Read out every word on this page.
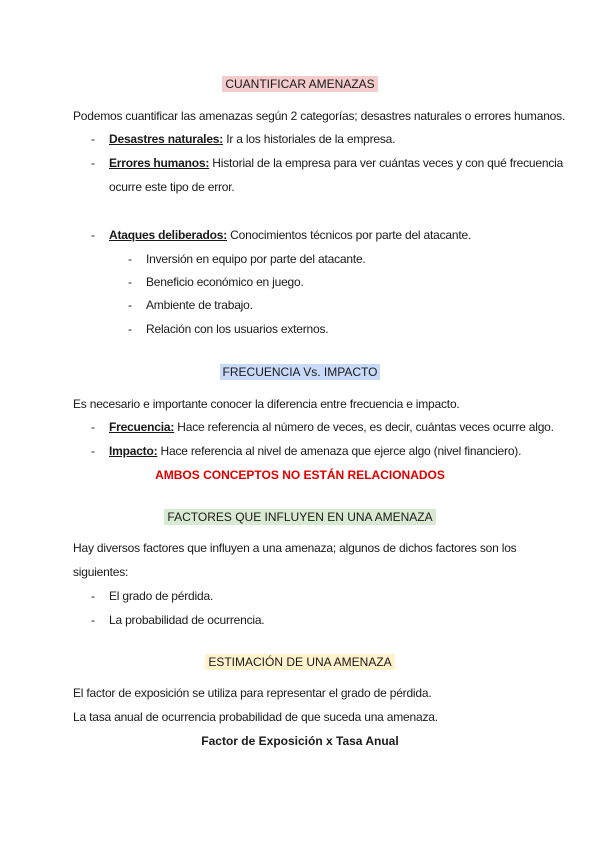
CUANTIFICAR AMENAZAS
Podemos cuantificar las amenazas según 2 categorías; desastres naturales o errores humanos.
- Desastres naturales: Ir a los historiales de la empresa.
- Errores humanos: Historial de la empresa para ver cuántas veces y con qué frecuencia
ocurre este tipo de error.
- Ataques deliberados: Conocimientos técnicos por parte del atacante.
- Inversión en equipo por parte del atacante.
- Beneficio económico en juego.
- Ambiente de trabajo.
- Relación con los usuarios externos.
FRECUENCIA Vs. IMPACTO
Es necesario e importante conocer la diferencia entre frecuencia e impacto.
- Frecuencia: Hace referencia al número de veces, es decir, cuántas veces ocurre algo.
- Impacto: Hace referencia al nivel de amenaza que ejerce algo (nivel financiero).
AMBOS CONCEPTOS NO ESTÁN RELACIONADOS
FACTORES QUE INFLUYEN EN UNA AMENAZA
Hay diversos factores que influyen a una amenaza; algunos de dichos factores son los
siguientes:
- El grado de pérdida.
- La probabilidad de ocurrencia.
ESTIMACIÓN DE UNA AMENAZA
El factor de exposición se utiliza para representar el grado de pérdida.
La tasa anual de ocurrencia probabilidad de que suceda una amenaza.
Factor de Exposición x Tasa Anual
